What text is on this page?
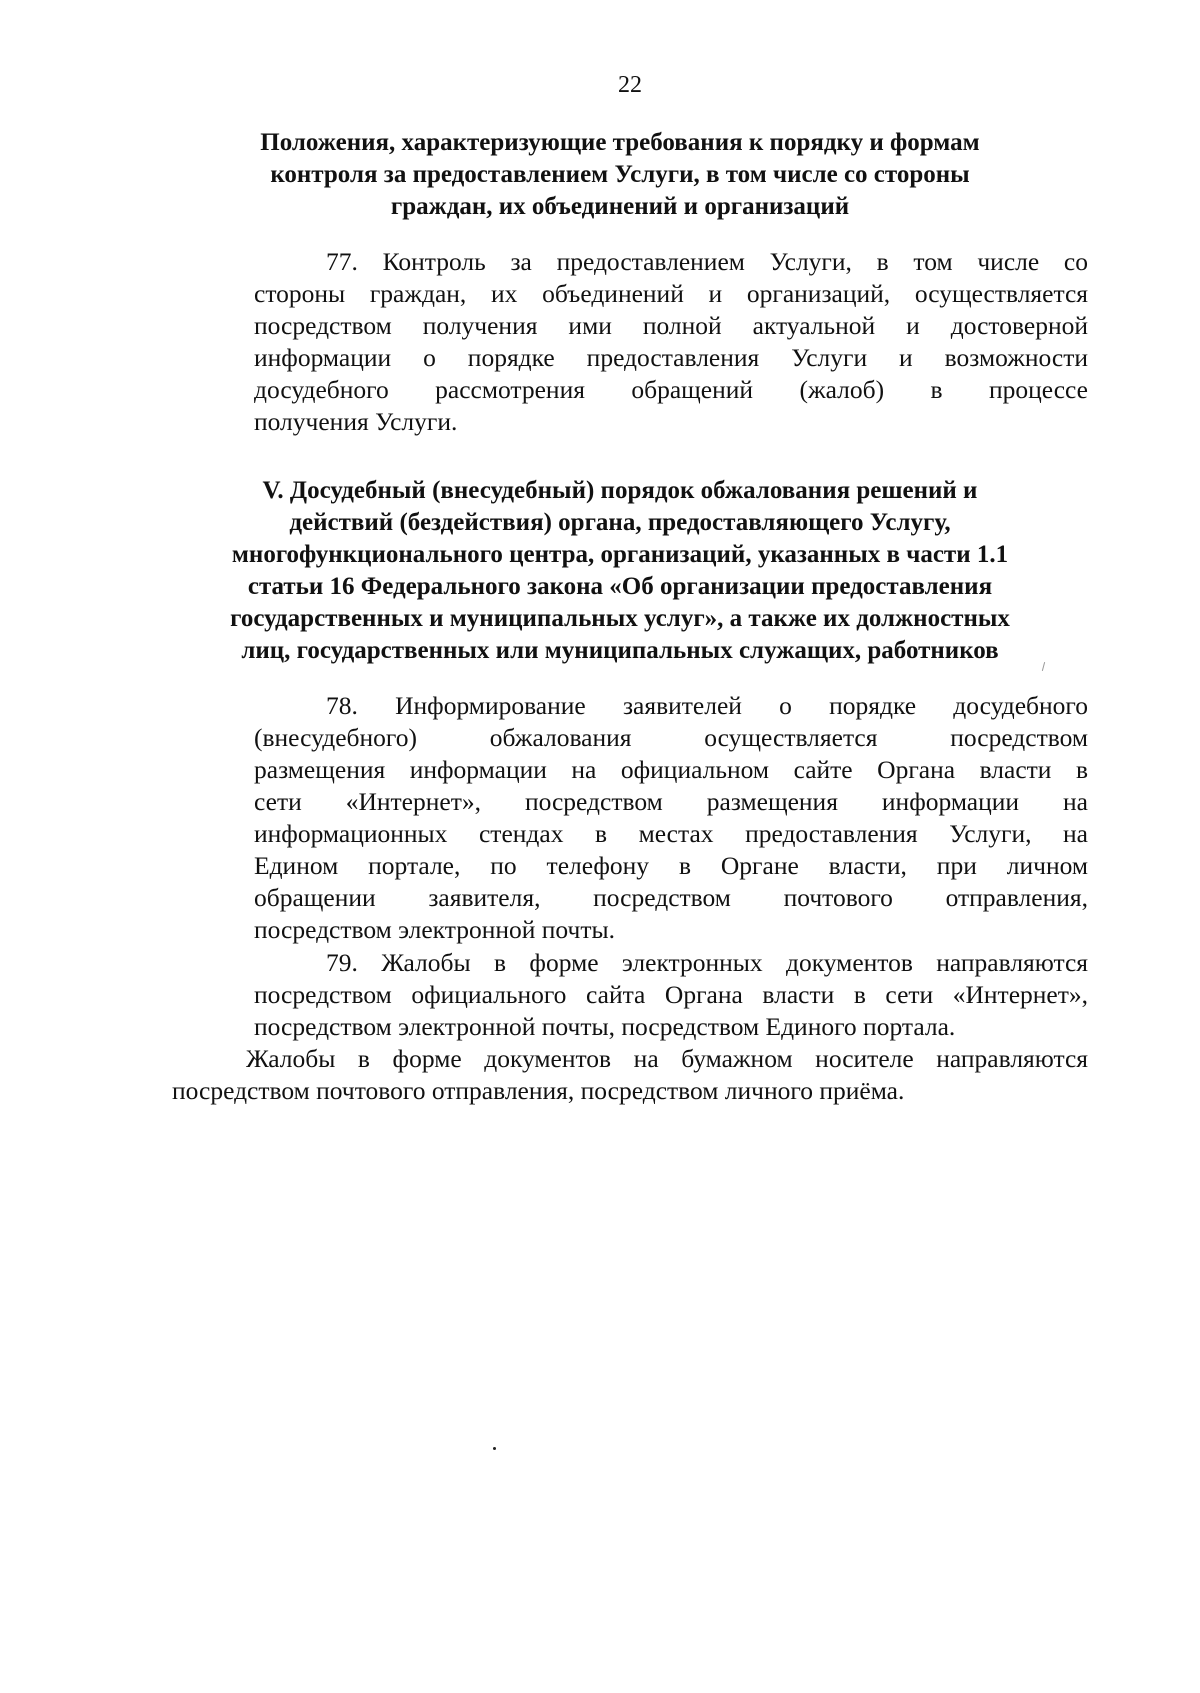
22
Положения, характеризующие требования к порядку и формам
контроля за предоставлением Услуги, в том числе со стороны
граждан, их объединений и организаций
77. Контроль за предоставлением Услуги, в том числе со
стороны граждан, их объединений и организаций, осуществляется
посредством получения ими полной актуальной и достоверной
информации о порядке предоставления Услуги и возможности
досудебного рассмотрения обращений (жалоб) в процессе
получения Услуги.
V. Досудебный (внесудебный) порядок обжалования решений и
действий (бездействия) органа, предоставляющего Услугу,
многофункционального центра, организаций, указанных в части 1.1
статьи 16 Федерального закона «Об организации предоставления
государственных и муниципальных услуг», а также их должностных
лиц, государственных или муниципальных служащих, работников
78. Информирование заявителей о порядке досудебного
(внесудебного) обжалования осуществляется посредством
размещения информации на официальном сайте Органа власти в
сети «Интернет», посредством размещения информации на
информационных стендах в местах предоставления Услуги, на
Едином портале, по телефону в Органе власти, при личном
обращении заявителя, посредством почтового отправления,
посредством электронной почты.
79. Жалобы в форме электронных документов направляются
посредством официального сайта Органа власти в сети «Интернет»,
посредством электронной почты, посредством Единого портала.
Жалобы в форме документов на бумажном носителе направляются
посредством почтового отправления, посредством личного приёма.
